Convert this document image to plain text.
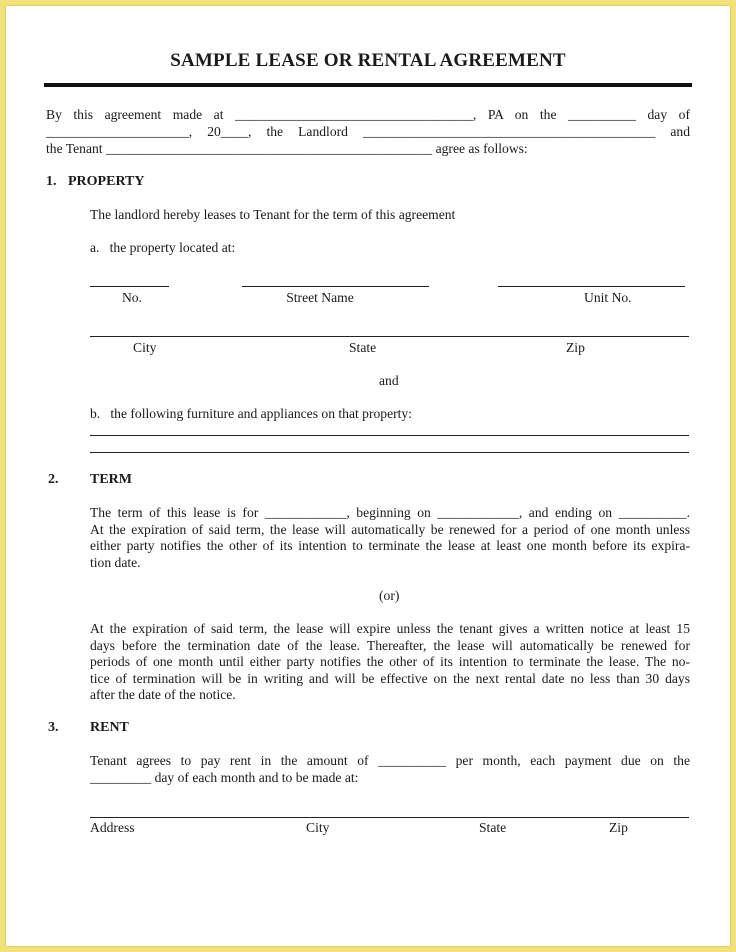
SAMPLE LEASE OR RENTAL AGREEMENT
By this agreement made at ___________________________________, PA on the __________ day of
_____________________, 20____, the Landlord ___________________________________________ and
the Tenant ________________________________________________ agree as follows:
1. PROPERTY
The landlord hereby leases to Tenant for the term of this agreement
a.   the property located at:
No.	Street Name	Unit No.
City	State	Zip
and
b.   the following furniture and appliances on that property:
2. TERM
The term of this lease is for ____________, beginning on ____________, and ending on __________.
At the expiration of said term, the lease will automatically be renewed for a period of one month unless
either party notifies the other of its intention to terminate the lease at least one month before its expira-
tion date.
(or)
At the expiration of said term, the lease will expire unless the tenant gives a written notice at least 15
days before the termination date of the lease. Thereafter, the lease will automatically be renewed for
periods of one month until either party notifies the other of its intention to terminate the lease. The no-
tice of termination will be in writing and will be effective on the next rental date no less than 30 days
after the date of the notice.
3. RENT
Tenant agrees to pay rent in the amount of __________ per month, each payment due on the
_________ day of each month and to be made at:
Address	City	State	Zip
